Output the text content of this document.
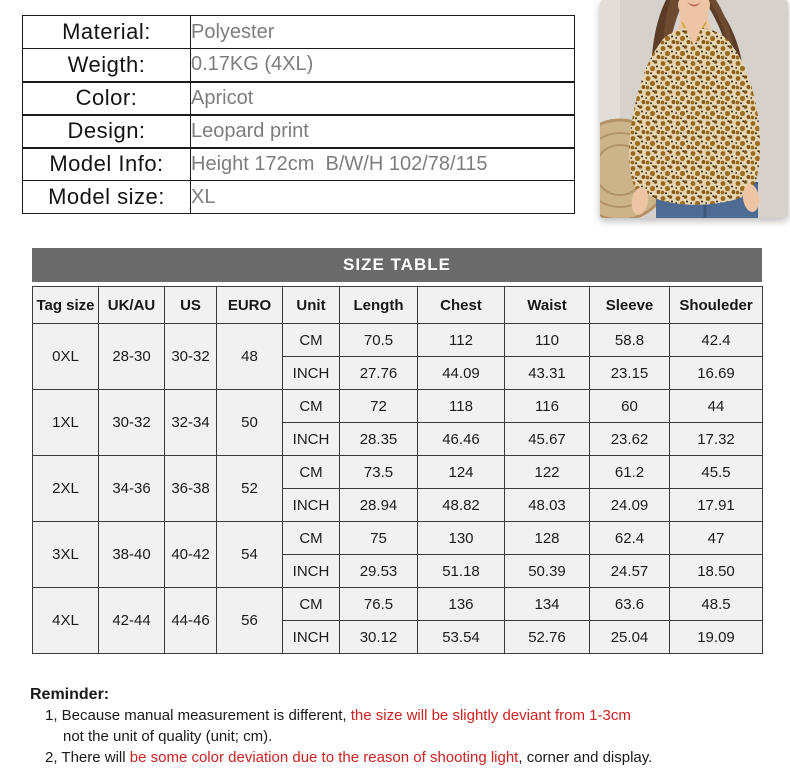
Material:	Polyester
Weigth:	0.17KG (4XL)
Color:	Apricot
Design:	Leopard print
Model Info:	Height 172cm  B/W/H 102/78/115
Model size:	XL
SIZE TABLE
Tag size	UK/AU	US	EURO	Unit	Length	Chest	Waist	Sleeve	Shouleder
0XL	28-30	30-32	48	CM	70.5	112	110	58.8	42.4
				INCH	27.76	44.09	43.31	23.15	16.69
1XL	30-32	32-34	50	CM	72	118	116	60	44
				INCH	28.35	46.46	45.67	23.62	17.32
2XL	34-36	36-38	52	CM	73.5	124	122	61.2	45.5
				INCH	28.94	48.82	48.03	24.09	17.91
3XL	38-40	40-42	54	CM	75	130	128	62.4	47
				INCH	29.53	51.18	50.39	24.57	18.50
4XL	42-44	44-46	56	CM	76.5	136	134	63.6	48.5
				INCH	30.12	53.54	52.76	25.04	19.09
Reminder:
1, Because manual measurement is different, the size will be slightly deviant from 1-3cm
not the unit of quality (unit; cm).
2, There will be some color deviation due to the reason of shooting light, corner and display.
